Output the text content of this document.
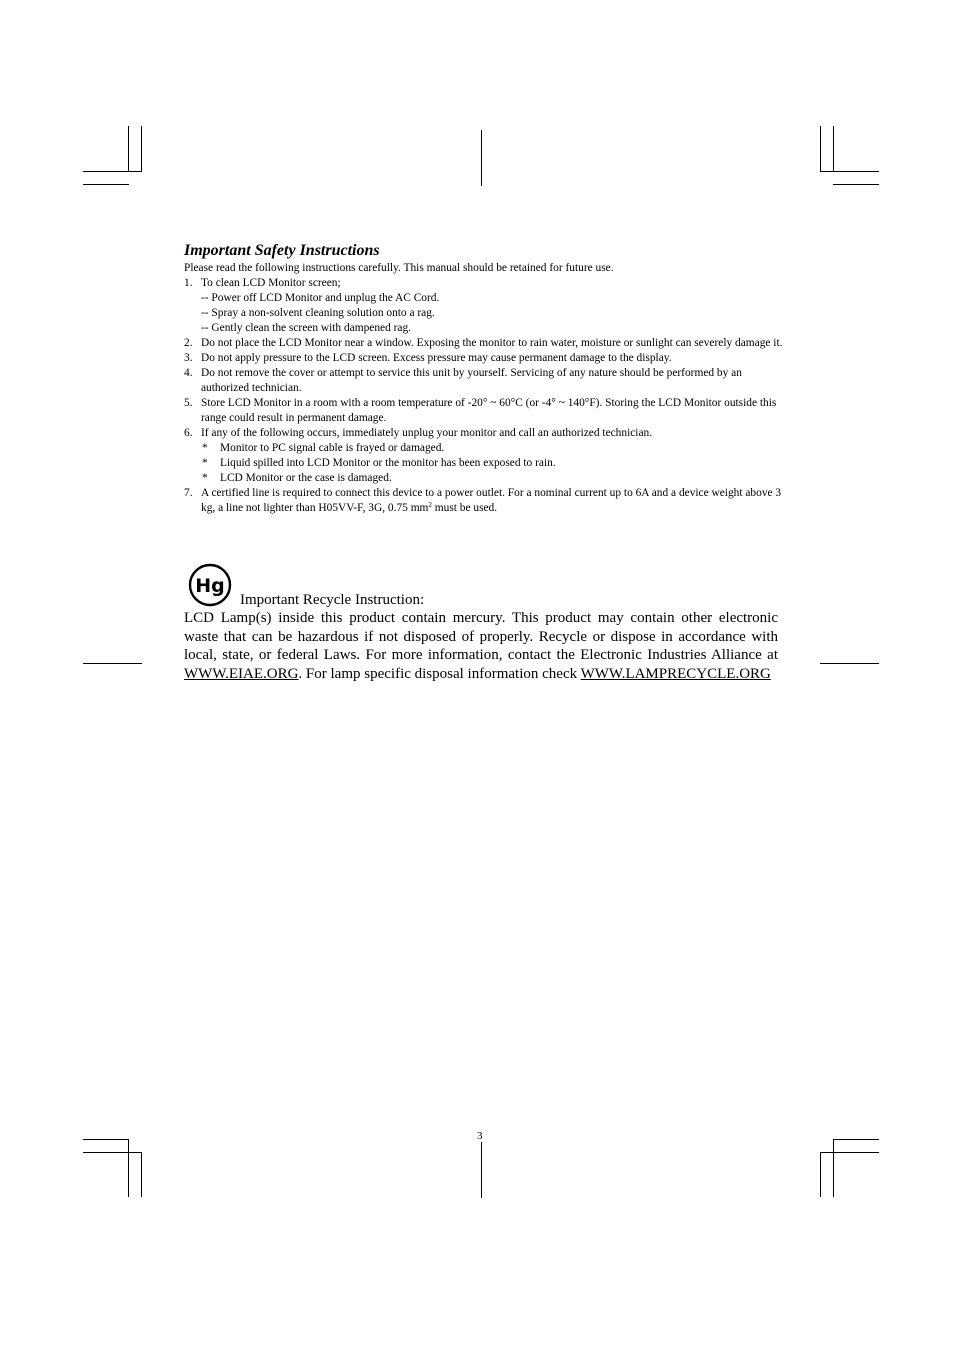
Important Safety Instructions
Please read the following instructions carefully. This manual should be retained for future use.
1. To clean LCD Monitor screen;
-- Power off LCD Monitor and unplug the AC Cord.
-- Spray a non-solvent cleaning solution onto a rag.
-- Gently clean the screen with dampened rag.
2. Do not place the LCD Monitor near a window. Exposing the monitor to rain water, moisture or sunlight can severely damage it.
3. Do not apply pressure to the LCD screen. Excess pressure may cause permanent damage to the display.
4. Do not remove the cover or attempt to service this unit by yourself. Servicing of any nature should be performed by an authorized technician.
5. Store LCD Monitor in a room with a room temperature of -20° ~ 60°C (or -4° ~ 140°F). Storing the LCD Monitor outside this range could result in permanent damage.
6. If any of the following occurs, immediately unplug your monitor and call an authorized technician.
* Monitor to PC signal cable is frayed or damaged.
* Liquid spilled into LCD Monitor or the monitor has been exposed to rain.
* LCD Monitor or the case is damaged.
7. A certified line is required to connect this device to a power outlet. For a nominal current up to 6A and a device weight above 3 kg, a line not lighter than H05VV-F, 3G, 0.75 $mm^2$ must be used.
Hg
Important Recycle Instruction:
LCD Lamp(s) inside this product contain mercury. This product may contain other electronic waste that can be hazardous if not disposed of properly. Recycle or dispose in accordance with local, state, or federal Laws. For more information, contact the Electronic Industries Alliance at WWW.EIAE.ORG. For lamp specific disposal information check WWW.LAMPRECYCLE.ORG
3
